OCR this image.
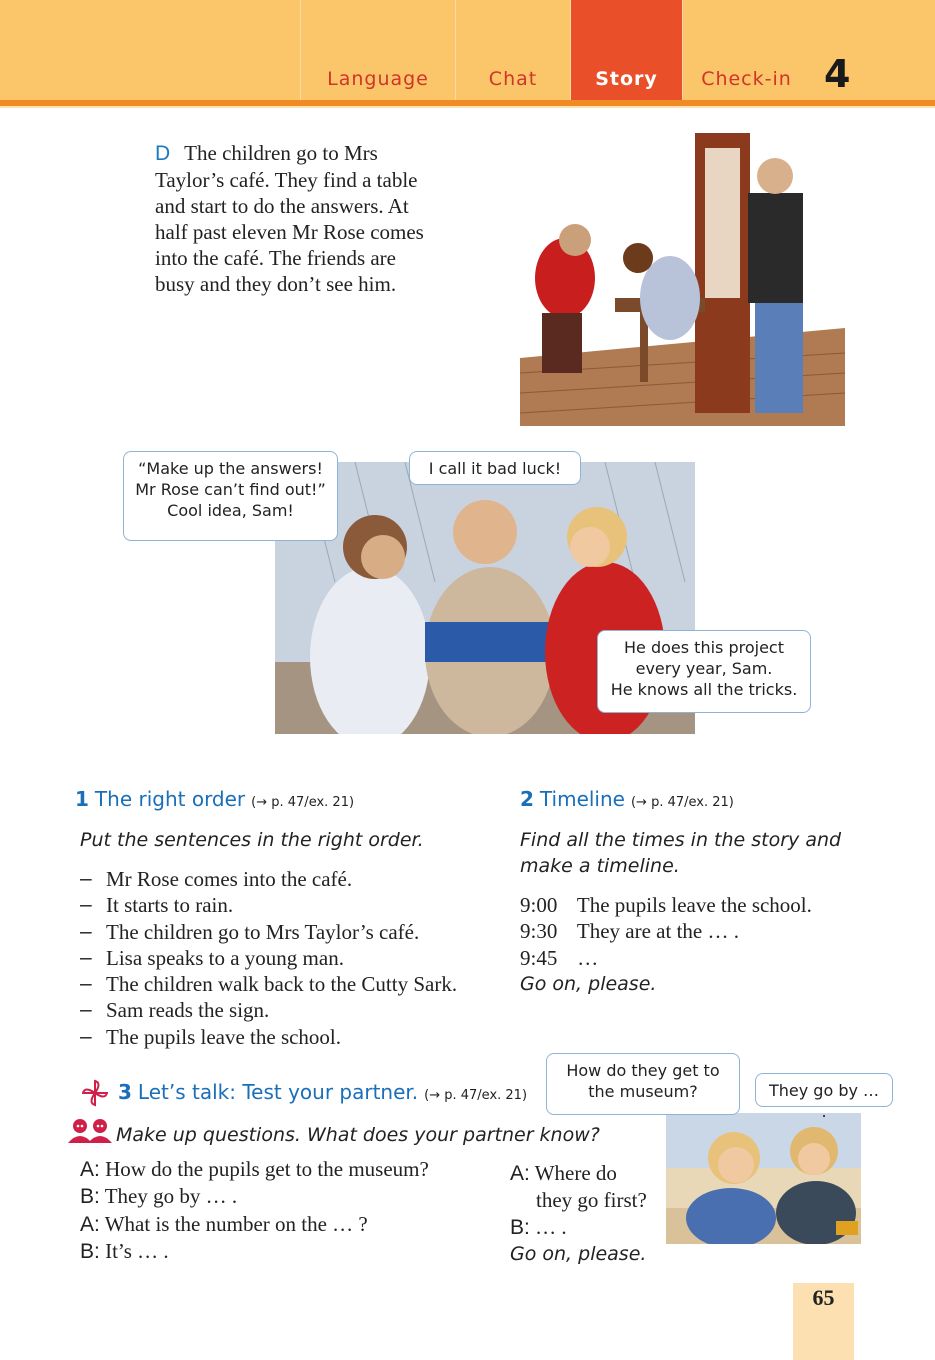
Language	Chat	Story	Check-in 4
D The children go to Mrs Taylor’s café. They find a table and start to do the answers. At half past eleven Mr Rose comes into the café. The friends are busy and they don’t see him.
“Make up the answers!
Mr Rose can’t find out!”
Cool idea, Sam!
I call it bad luck!
He does this project
every year, Sam.
He knows all the tricks.
1 The right order (→ p. 47/ex. 21)
Put the sentences in the right order.
– Mr Rose comes into the café.
– It starts to rain.
– The children go to Mrs Taylor’s café.
– Lisa speaks to a young man.
– The children walk back to the Cutty Sark.
– Sam reads the sign.
– The pupils leave the school.
2 Timeline (→ p. 47/ex. 21)
Find all the times in the story and
make a timeline.
9:00 The pupils leave the school.
9:30 They are at the … .
9:45 …
Go on, please.
3 Let’s talk: Test your partner. (→ p. 47/ex. 21)
Make up questions. What does your partner know?
A: How do the pupils get to the museum?
B: They go by … .
A: What is the number on the … ?
B: It’s … .
A: Where do
they go first?
B: … .
Go on, please.
How do they get to
the museum?	They go by … .
65
